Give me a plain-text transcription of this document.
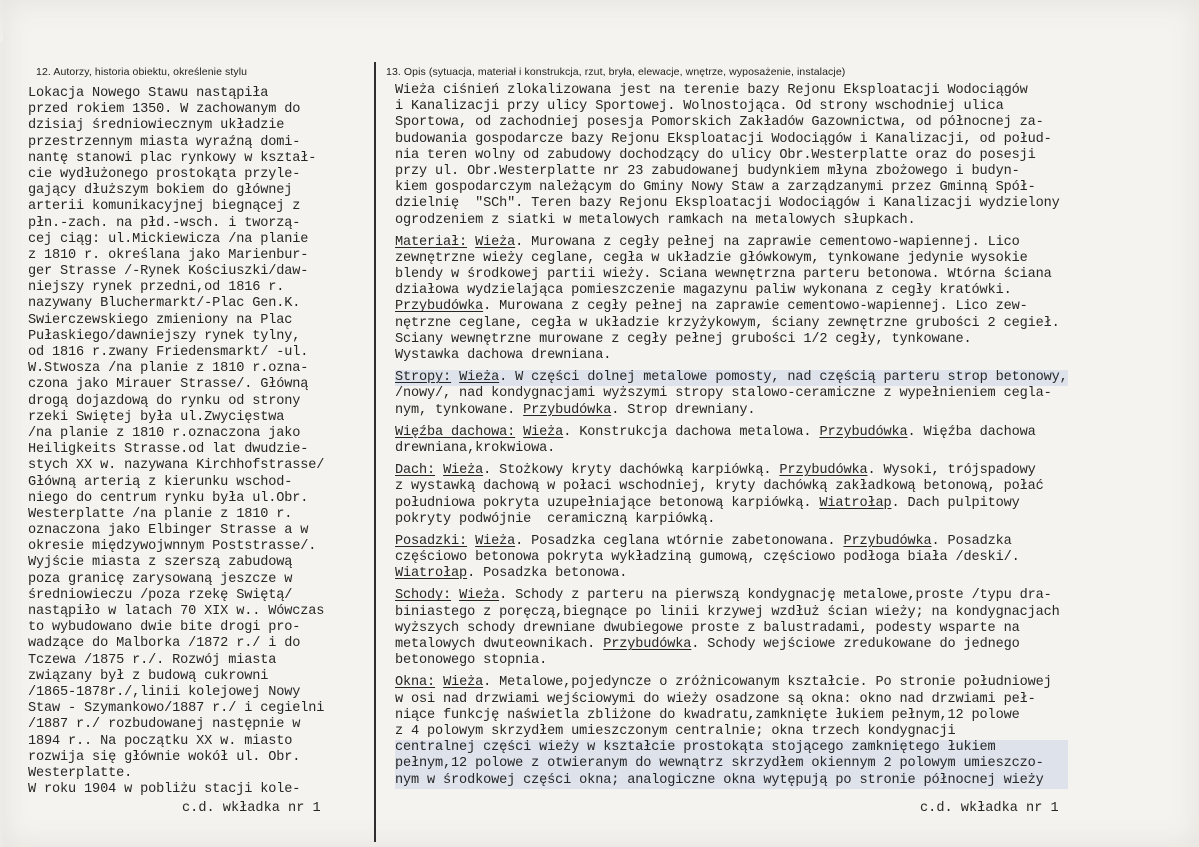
12. Autorzy, historia obiektu, określenie stylu	13. Opis (sytuacja, materiał i konstrukcja, rzut, bryła, elewacje, wnętrze, wyposażenie, instalacje)
Lokacja Nowego Stawu nastąpiła
przed rokiem 1350. W zachowanym do
dzisiaj średniowiecznym układzie
przestrzennym miasta wyraźną domi-
nantę stanowi plac rynkowy w kształ-
cie wydłużonego prostokąta przyle-
gający dłuższym bokiem do głównej
arterii komunikacyjnej biegnącej z
płn.-zach. na płd.-wsch. i tworzą-
cej ciąg: ul.Mickiewicza /na planie
z 1810 r. określana jako Marienbur-
ger Strasse /-Rynek Kościuszki/daw-
niejszy rynek przedni,od 1816 r.
nazywany Bluchermarkt/-Plac Gen.K.
Swierczewskiego zmieniony na Plac
Pułaskiego/dawniejszy rynek tylny,
od 1816 r.zwany Friedensmarkt/ -ul.
W.Stwosza /na planie z 1810 r.ozna-
czona jako Mirauer Strasse/. Główną
drogą dojazdową do rynku od strony
rzeki Swiętej była ul.Zwycięstwa
/na planie z 1810 r.oznaczona jako
Heiligkeits Strasse.od lat dwudzie-
stych XX w. nazywana Kirchhofstrasse/
Główną arterią z kierunku wschod-
niego do centrum rynku była ul.Obr.
Westerplatte /na planie z 1810 r.
oznaczona jako Elbinger Strasse a w
okresie międzywojwnnym Poststrasse/.
Wyjście miasta z szerszą zabudową
poza granicę zarysowaną jeszcze w
średniowieczu /poza rzekę Swiętą/
nastąpiło w latach 70 XIX w.. Wówczas
to wybudowano dwie bite drogi pro-
wadzące do Malborka /1872 r./ i do
Tczewa /1875 r./. Rozwój miasta
związany był z budową cukrowni
/1865-1878r./,linii kolejowej Nowy
Staw - Szymankowo/1887 r./ i cegielni
/1887 r./ rozbudowanej następnie w
1894 r.. Na początku XX w. miasto
rozwija się głównie wokół ul. Obr.
Westerplatte.
W roku 1904 w pobliżu stacji kole-
Wieża ciśnień zlokalizowana jest na terenie bazy Rejonu Eksploatacji Wodociągów
i Kanalizacji przy ulicy Sportowej. Wolnostojąca. Od strony wschodniej ulica
Sportowa, od zachodniej posesja Pomorskich Zakładów Gazownictwa, od północnej za-
budowania gospodarcze bazy Rejonu Eksploatacji Wodociągów i Kanalizacji, od połud-
nia teren wolny od zabudowy dochodzący do ulicy Obr.Westerplatte oraz do posesji
przy ul. Obr.Westerplatte nr 23 zabudowanej budynkiem młyna zbożowego i budyn-
kiem gospodarczym należącym do Gminy Nowy Staw a zarządzanymi przez Gminną Spół-
dzielnię  "SCh". Teren bazy Rejonu Eksploatacji Wodociągów i Kanalizacji wydzielony
ogrodzeniem z siatki w metalowych ramkach na metalowych słupkach.
Materiał: Wieża. Murowana z cegły pełnej na zaprawie cementowo-wapiennej. Lico
zewnętrzne wieży ceglane, cegła w układzie główkowym, tynkowane jedynie wysokie
blendy w środkowej partii wieży. Sciana wewnętrzna parteru betonowa. Wtórna ściana
działowa wydzielająca pomieszczenie magazynu paliw wykonana z cegły kratówki.
Przybudówka. Murowana z cegły pełnej na zaprawie cementowo-wapiennej. Lico zew-
nętrzne ceglane, cegła w układzie krzyżykowym, ściany zewnętrzne grubości 2 cegieł.
Sciany wewnętrzne murowane z cegły pełnej grubości 1/2 cegły, tynkowane.
Wystawka dachowa drewniana.
Stropy: Wieża. W części dolnej metalowe pomosty, nad częścią parteru strop betonowy,
/nowy/, nad kondygnacjami wyższymi stropy stalowo-ceramiczne z wypełnieniem cegla-
nym, tynkowane. Przybudówka. Strop drewniany.
Więźba dachowa: Wieża. Konstrukcja dachowa metalowa. Przybudówka. Więźba dachowa
drewniana,krokwiowa.
Dach: Wieża. Stożkowy kryty dachówką karpiówką. Przybudówka. Wysoki, trójspadowy
z wystawką dachową w połaci wschodniej, kryty dachówką zakładkową betonową, połać
południowa pokryta uzupełniające betonową karpiówką. Wiatrołap. Dach pulpitowy
pokryty podwójnie  ceramiczną karpiówką.
Posadzki: Wieża. Posadzka ceglana wtórnie zabetonowana. Przybudówka. Posadzka
częściowo betonowa pokryta wykładziną gumową, częściowo podłoga biała /deski/.
Wiatrołap. Posadzka betonowa.
Schody: Wieża. Schody z parteru na pierwszą kondygnację metalowe,proste /typu dra-
biniastego z poręczą,biegnące po linii krzywej wzdłuż ścian wieży; na kondygnacjach
wyższych schody drewniane dwubiegowe proste z balustradami, podesty wsparte na
metalowych dwuteownikach. Przybudówka. Schody wejściowe zredukowane do jednego
betonowego stopnia.
Okna: Wieża. Metalowe,pojedyncze o zróżnicowanym kształcie. Po stronie południowej
w osi nad drzwiami wejściowymi do wieży osadzone są okna: okno nad drzwiami peł-
niące funkcję naświetla zbliżone do kwadratu,zamknięte łukiem pełnym,12 polowe
z 4 polowym skrzydłem umieszczonym centralnie; okna trzech kondygnacji
centralnej części wieży w kształcie prostokąta stojącego zamkniętego łukiem
pełnym,12 polowe z otwieranym do wewnątrz skrzydłem okiennym 2 polowym umieszczo-
nym w środkowej części okna; analogiczne okna wytępują po stronie północnej wieży
c.d. wkładka nr 1	c.d. wkładka nr 1
